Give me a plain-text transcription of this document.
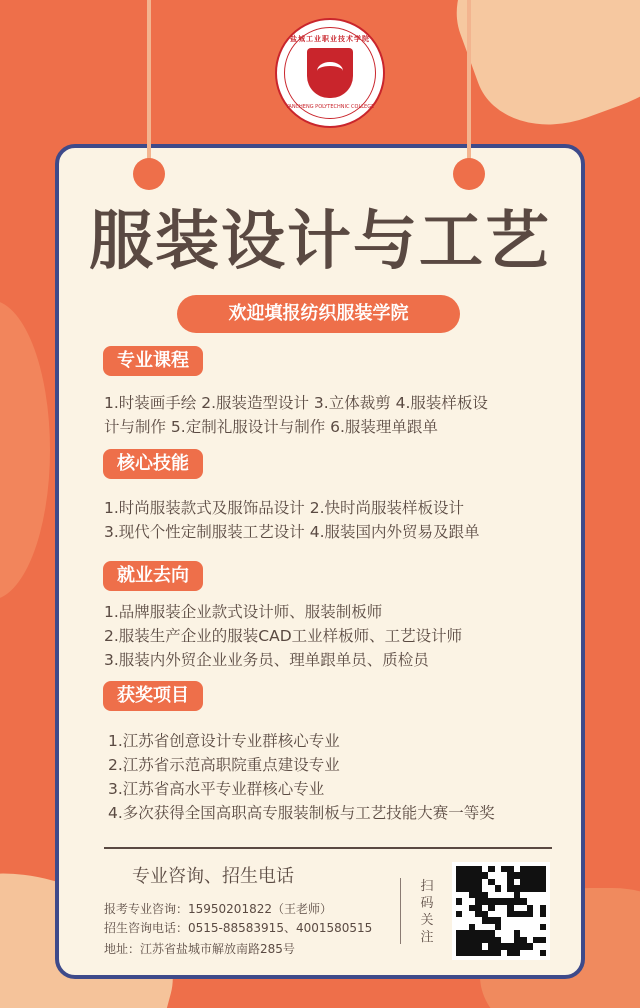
盐城工业职业技术学院
YANCHENG POLYTECHNIC COLLEGE
服装设计与工艺
欢迎填报纺织服装学院
专业课程
1.时装画手绘 2.服装造型设计 3.立体裁剪 4.服装样板设
计与制作 5.定制礼服设计与制作 6.服装理单跟单
核心技能
1.时尚服装款式及服饰品设计 2.快时尚服装样板设计
3.现代个性定制服装工艺设计 4.服装国内外贸易及跟单
就业去向
1.品牌服装企业款式设计师、服装制板师
2.服装生产企业的服装CAD工业样板师、工艺设计师
3.服装内外贸企业业务员、理单跟单员、质检员
获奖项目
1.江苏省创意设计专业群核心专业
2.江苏省示范高职院重点建设专业
3.江苏省高水平专业群核心专业
4.多次获得全国高职高专服装制板与工艺技能大赛一等奖
专业咨询、招生电话
报考专业咨询：15950201822（王老师）
招生咨询电话：0515-88583915、4001580515
地址：江苏省盐城市解放南路285号
扫码关注
